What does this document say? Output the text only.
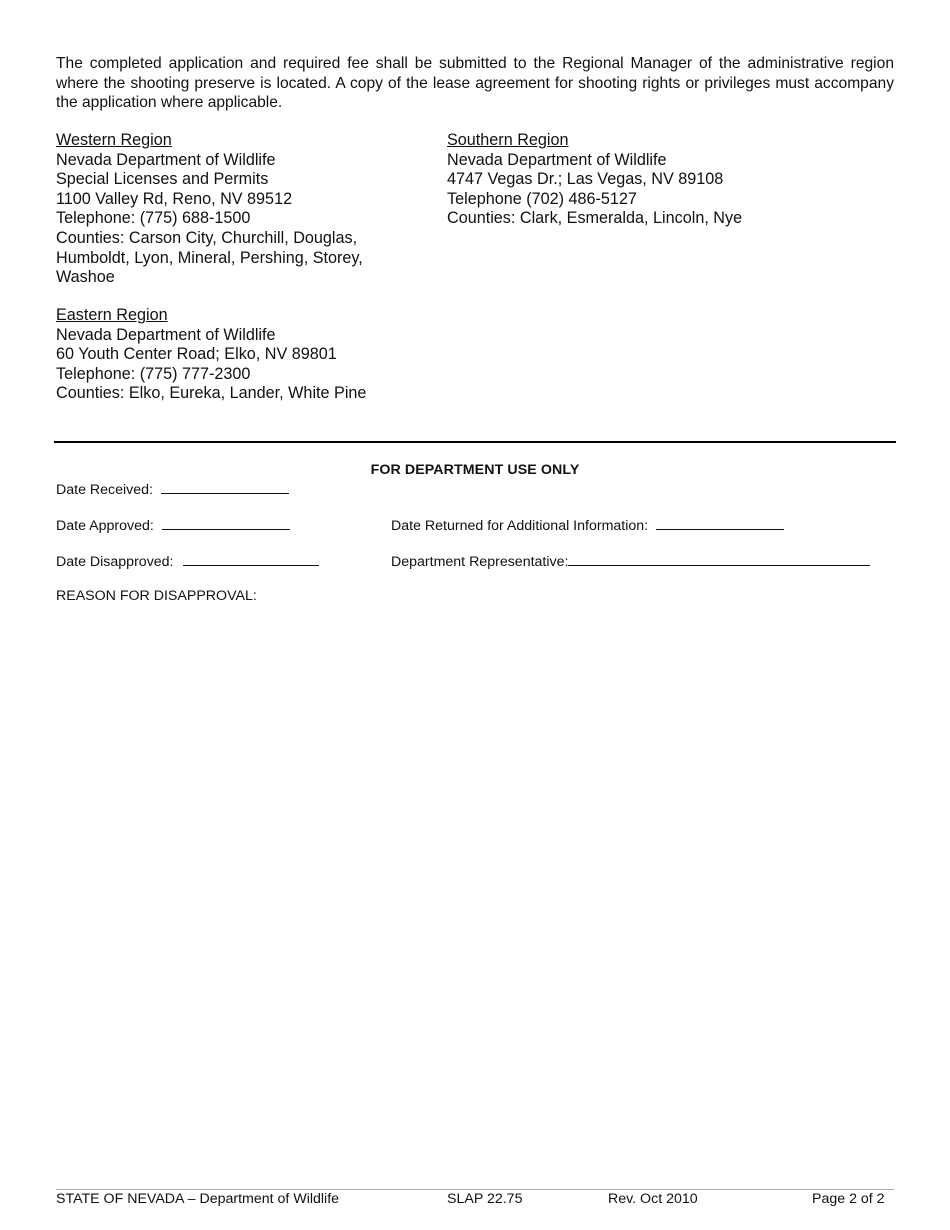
The completed application and required fee shall be submitted to the Regional Manager of the administrative region where the shooting preserve is located. A copy of the lease agreement for shooting rights or privileges must accompany the application where applicable.

Western Region
Nevada Department of Wildlife
Special Licenses and Permits
1100 Valley Rd, Reno, NV 89512
Telephone: (775) 688-1500
Counties: Carson City, Churchill, Douglas,
Humboldt, Lyon, Mineral, Pershing, Storey,
Washoe
Southern Region
Nevada Department of Wildlife
4747 Vegas Dr.; Las Vegas, NV 89108
Telephone (702) 486-5127
Counties: Clark, Esmeralda, Lincoln, Nye
Eastern Region
Nevada Department of Wildlife
60 Youth Center Road; Elko, NV 89801
Telephone: (775) 777-2300
Counties: Elko, Eureka, Lander, White Pine
FOR DEPARTMENT USE ONLY
Date Received:
Date Approved:	Date Returned for Additional Information:
Date Disapproved:	Department Representative:
REASON FOR DISAPPROVAL:
STATE OF NEVADA – Department of Wildlife	SLAP 22.75	Rev. Oct 2010	Page 2 of 2
